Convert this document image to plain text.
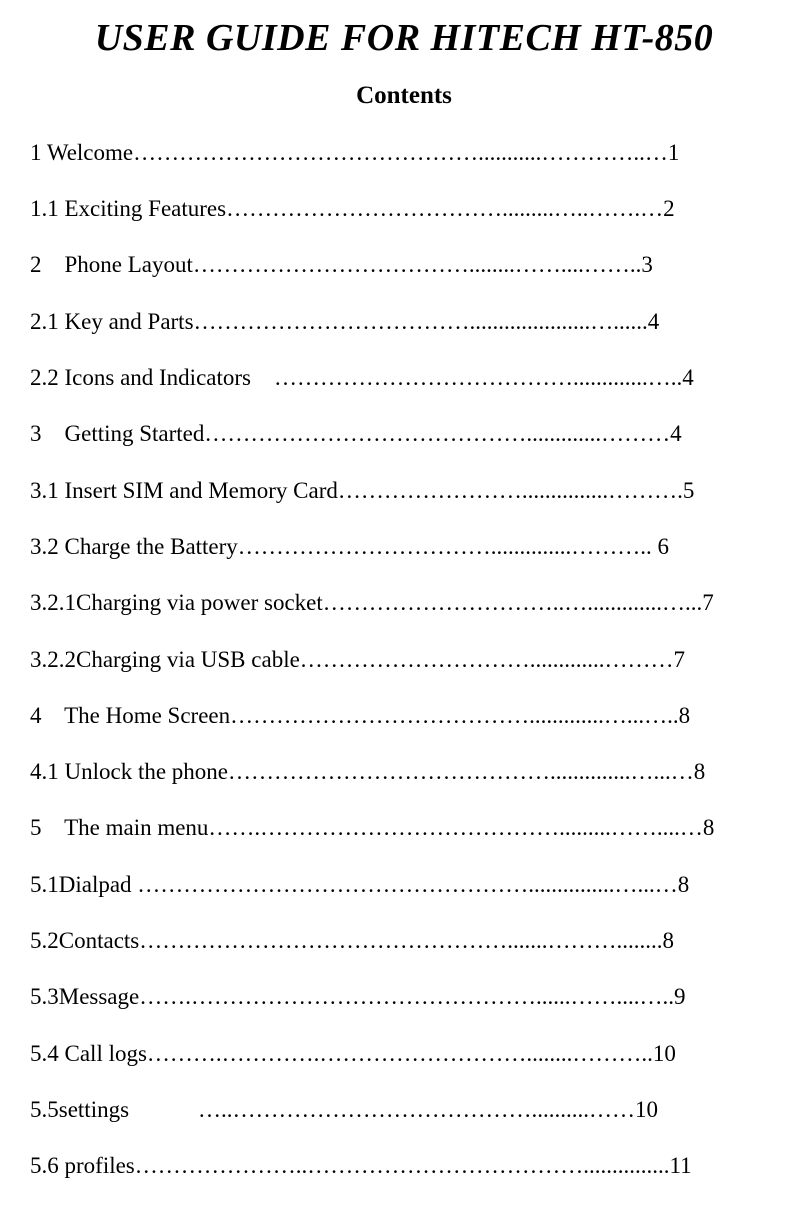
USER GUIDE FOR HITECH HT-850
Contents
1 Welcome………………………………………...........…………..…1
1.1 Exciting Features……………………………….........…..…….…2
2    Phone Layout………………………………........……....……..3
2.1 Key and Parts……………………………….....................…......4
2.2 Icons and Indicators    ………………………………….............…..4
3    Getting Started…………………………………….............………4
3.1 Insert SIM and Memory Card……………………...............……….5
3.2 Charge the Battery……………………………..............……….. 6
3.2.1Charging via power socket…………………………..….............…...7
3.2.2Charging via USB cable………………………….............………7
4    The Home Screen………………………………….............…...…..8
4.1 Unlock the phone……………………………………..............…...…8
5    The main menu…….………………………………….........……....…8
5.1Dialpad ……………………………………………...............…...…8
5.2Contacts………………………………………….......………........8
5.3Message…….………………………………………......……....…..9
5.4 Call logs……….………….………………………........………..10
5.5settings            …..…………………………………..........……10
5.6 profiles…………………..………………………………...............11
